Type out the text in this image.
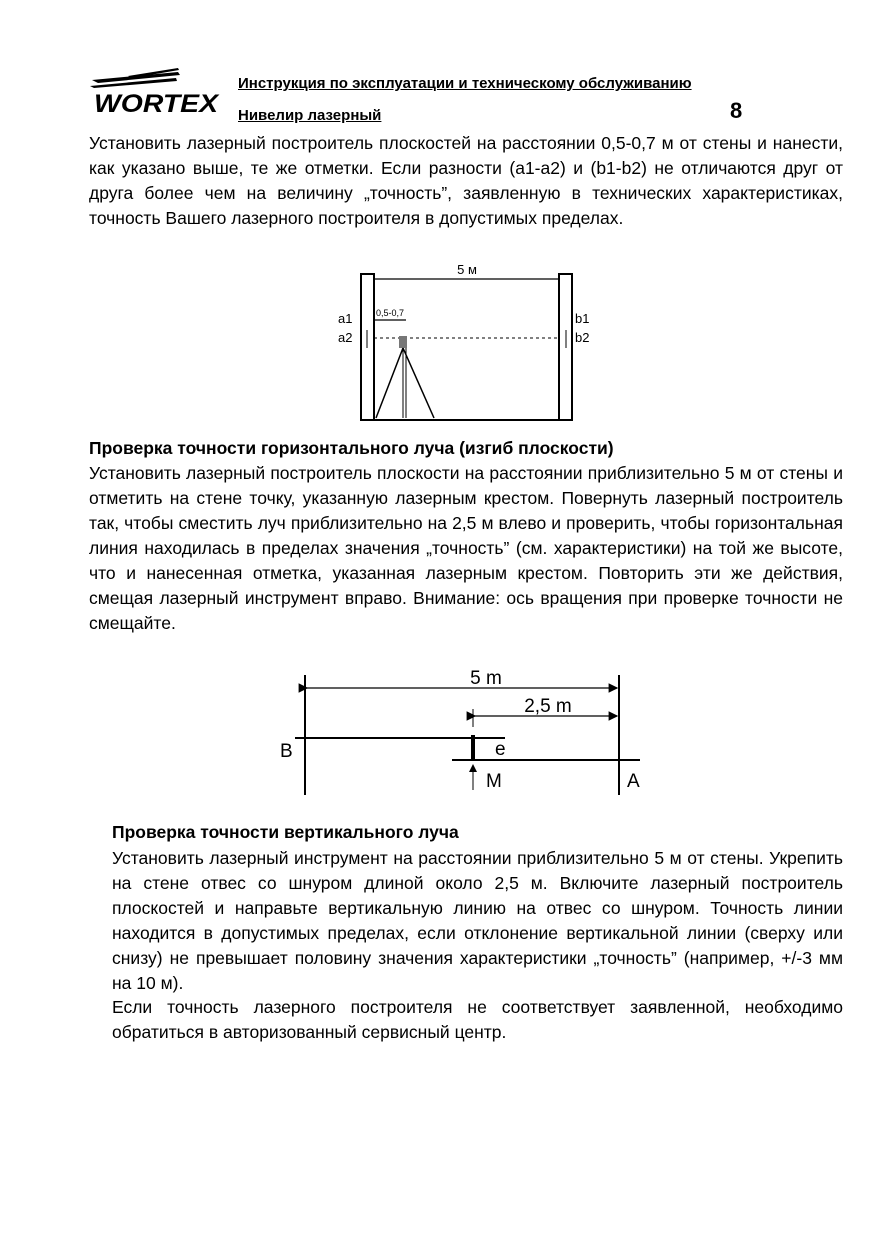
WORTEX
Инструкция по эксплуатации и техническому обслуживанию
Нивелир лазерный	8
Установить лазерный построитель плоскостей на расстоянии 0,5-0,7 м от стены и нанести, как указано выше, те же отметки. Если разности (a1-a2) и (b1-b2) не отличаются друг от друга более чем на величину „точность”, заявленную в технических характеристиках, точность Вашего лазерного построителя в допустимых пределах.
5 м
0,5-0,7
a1
a2
b1
b2
Проверка точности горизонтального луча (изгиб плоскости)
Установить лазерный построитель плоскости на расстоянии приблизительно 5 м от стены и отметить на стене точку, указанную лазерным крестом. Повернуть лазерный построитель так, чтобы сместить луч приблизительно на 2,5 м влево и проверить, чтобы горизонтальная линия находилась в пределах значения „точность” (см. характеристики) на той же высоте, что и нанесенная отметка, указанная лазерным крестом. Повторить эти же действия, смещая лазерный инструмент вправо. Внимание: ось вращения при проверке точности не смещайте.
5 m
2,5 m
B
A
e
M
Проверка точности вертикального луча
Установить лазерный инструмент на расстоянии приблизительно 5 м от стены. Укрепить на стене отвес со шнуром длиной около 2,5 м. Включите лазерный построитель плоскостей и направьте вертикальную линию на отвес со шнуром. Точность линии находится в допустимых пределах, если отклонение вертикальной линии (сверху или снизу) не превышает половину значения характеристики „точность” (например, +/-3 мм на 10 м).
Если точность лазерного построителя не соответствует заявленной, необходимо обратиться в авторизованный сервисный центр.
